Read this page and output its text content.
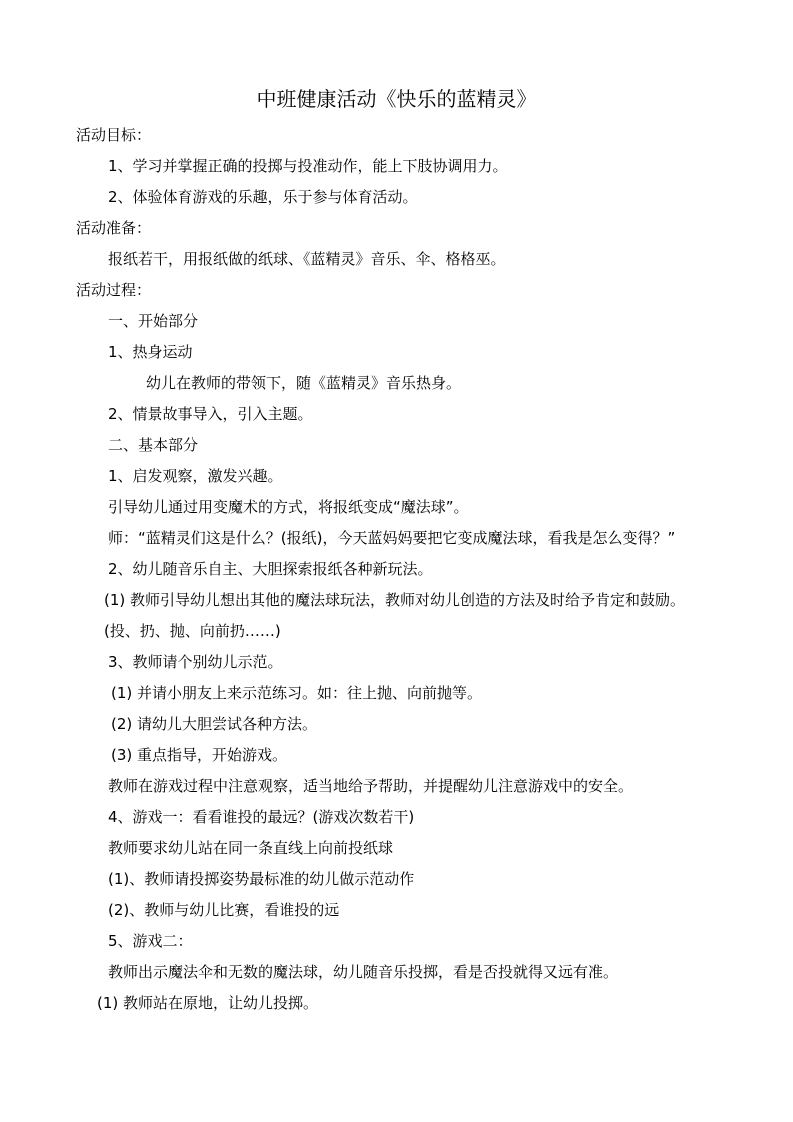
中班健康活动《快乐的蓝精灵》
活动目标：
1、学习并掌握正确的投掷与投准动作，能上下肢协调用力。
2、体验体育游戏的乐趣，乐于参与体育活动。
活动准备：
报纸若干，用报纸做的纸球、《蓝精灵》音乐、伞、格格巫。
活动过程：
一、开始部分
1、热身运动
幼儿在教师的带领下，随《蓝精灵》音乐热身。
2、情景故事导入，引入主题。
二、基本部分
1、启发观察，激发兴趣。
引导幼儿通过用变魔术的方式，将报纸变成“魔法球”。
师：“蓝精灵们这是什么？(报纸)，今天蓝妈妈要把它变成魔法球，看我是怎么变得？”
2、幼儿随音乐自主、大胆探索报纸各种新玩法。
(1) 教师引导幼儿想出其他的魔法球玩法，教师对幼儿创造的方法及时给予肯定和鼓励。
(投、扔、抛、向前扔……)
3、教师请个别幼儿示范。
(1) 并请小朋友上来示范练习。如：往上抛、向前抛等。
(2) 请幼儿大胆尝试各种方法。
(3) 重点指导，开始游戏。
教师在游戏过程中注意观察，适当地给予帮助，并提醒幼儿注意游戏中的安全。
4、游戏一：看看谁投的最远？(游戏次数若干)
教师要求幼儿站在同一条直线上向前投纸球
(1)、教师请投掷姿势最标准的幼儿做示范动作
(2)、教师与幼儿比赛，看谁投的远
5、游戏二：
教师出示魔法伞和无数的魔法球，幼儿随音乐投掷，看是否投就得又远有准。
(1) 教师站在原地，让幼儿投掷。
